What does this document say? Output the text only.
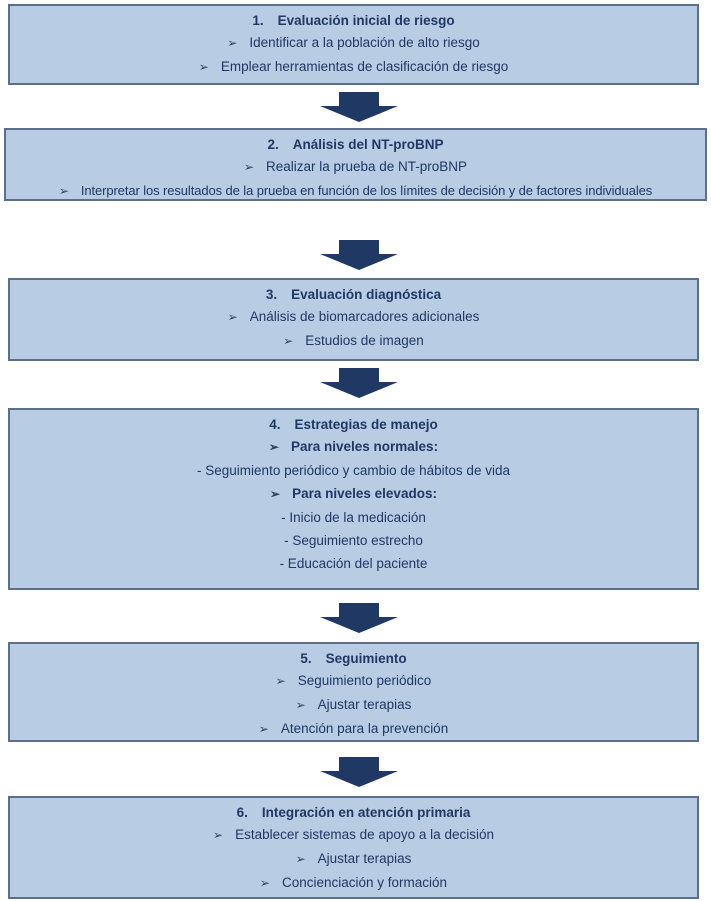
1. Evaluación inicial de riesgo
➢ Identificar a la población de alto riesgo
➢ Emplear herramientas de clasificación de riesgo
2. Análisis del NT-proBNP
➢ Realizar la prueba de NT-proBNP
➢ Interpretar los resultados de la prueba en función de los límites de decisión y de factores individuales
3. Evaluación diagnóstica
➢ Análisis de biomarcadores adicionales
➢ Estudios de imagen
4. Estrategias de manejo
➢ Para niveles normales:
- Seguimiento periódico y cambio de hábitos de vida
➢ Para niveles elevados:
- Inicio de la medicación
- Seguimiento estrecho
- Educación del paciente
5. Seguimiento
➢ Seguimiento periódico
➢ Ajustar terapias
➢ Atención para la prevención
6. Integración en atención primaria
➢ Establecer sistemas de apoyo a la decisión
➢ Ajustar terapias
➢ Concienciación y formación
